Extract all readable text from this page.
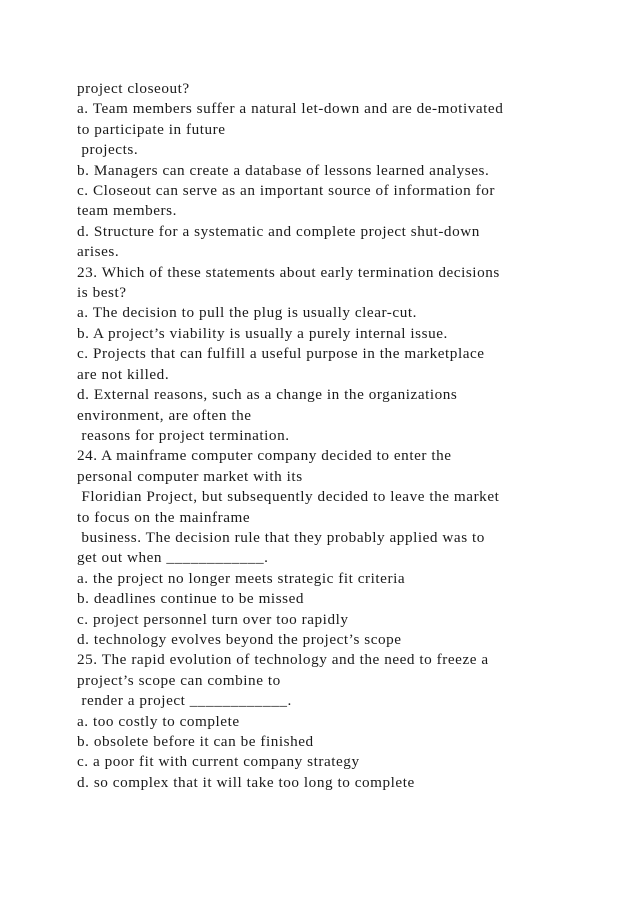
project closeout?
a. Team members suffer a natural let-down and are de-motivated
to participate in future
projects.
b. Managers can create a database of lessons learned analyses.
c. Closeout can serve as an important source of information for
team members.
d. Structure for a systematic and complete project shut-down
arises.
23. Which of these statements about early termination decisions
is best?
a. The decision to pull the plug is usually clear-cut.
b. A project’s viability is usually a purely internal issue.
c. Projects that can fulfill a useful purpose in the marketplace
are not killed.
d. External reasons, such as a change in the organizations
environment, are often the
reasons for project termination.
24. A mainframe computer company decided to enter the
personal computer market with its
Floridian Project, but subsequently decided to leave the market
to focus on the mainframe
business. The decision rule that they probably applied was to
get out when ____________.
a. the project no longer meets strategic fit criteria
b. deadlines continue to be missed
c. project personnel turn over too rapidly
d. technology evolves beyond the project’s scope
25. The rapid evolution of technology and the need to freeze a
project’s scope can combine to
render a project ____________.
a. too costly to complete
b. obsolete before it can be finished
c. a poor fit with current company strategy
d. so complex that it will take too long to complete
